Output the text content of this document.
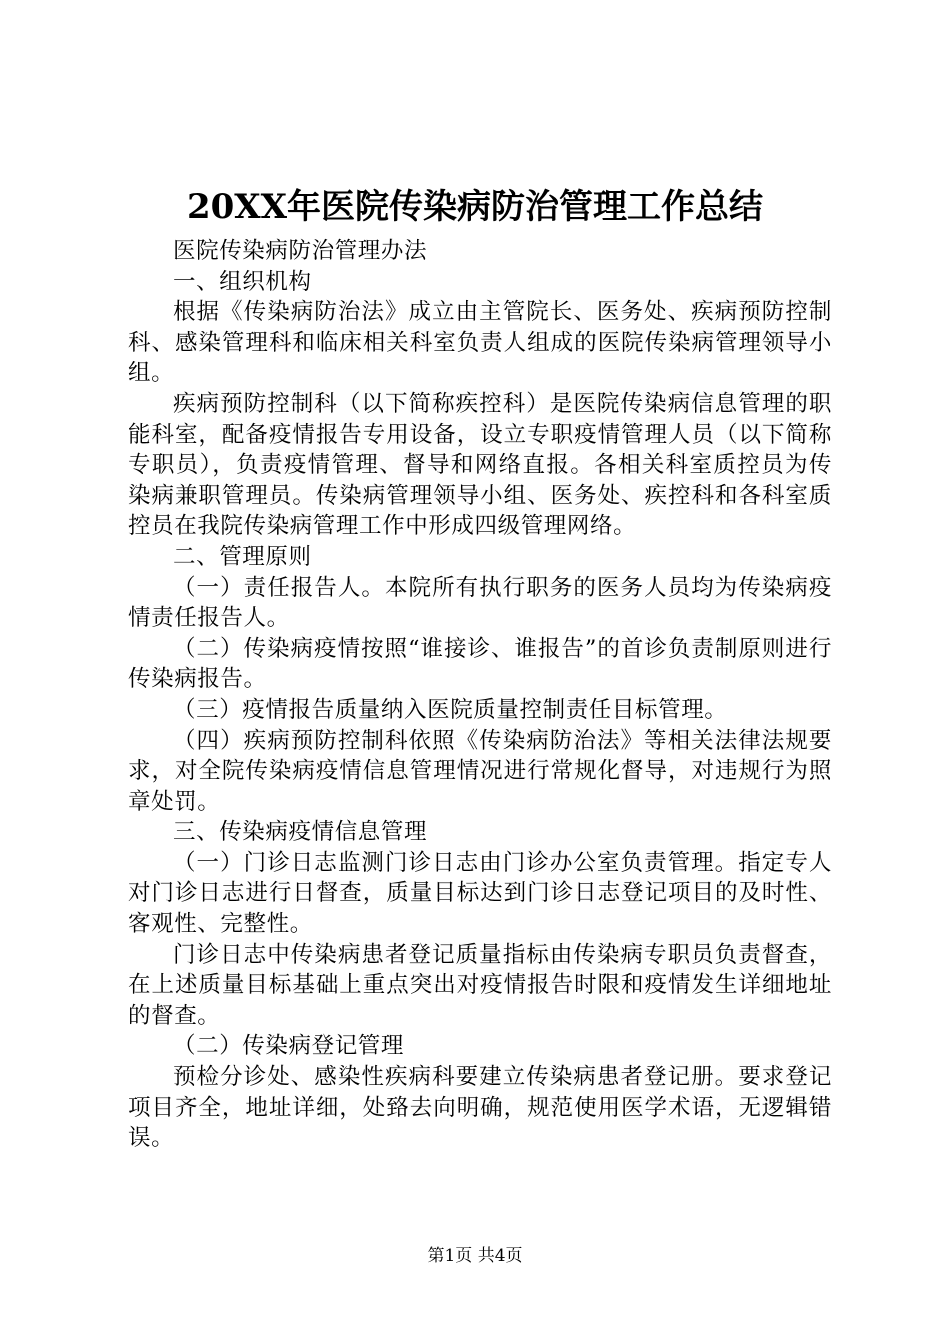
20XX年医院传染病防治管理工作总结

医院传染病防治管理办法

一、组织机构

根据《传染病防治法》成立由主管院长、医务处、疾病预防控制科、感染管理科和临床相关科室负责人组成的医院传染病管理领导小组。

疾病预防控制科（以下简称疾控科）是医院传染病信息管理的职能科室，配备疫情报告专用设备，设立专职疫情管理人员（以下简称专职员），负责疫情管理、督导和网络直报。各相关科室质控员为传染病兼职管理员。传染病管理领导小组、医务处、疾控科和各科室质控员在我院传染病管理工作中形成四级管理网络。

二、管理原则

（一）责任报告人。本院所有执行职务的医务人员均为传染病疫情责任报告人。

（二）传染病疫情按照“谁接诊、谁报告”的首诊负责制原则进行传染病报告。

（三）疫情报告质量纳入医院质量控制责任目标管理。

（四）疾病预防控制科依照《传染病防治法》等相关法律法规要求，对全院传染病疫情信息管理情况进行常规化督导，对违规行为照章处罚。

三、传染病疫情信息管理

（一）门诊日志监测门诊日志由门诊办公室负责管理。指定专人对门诊日志进行日督查，质量目标达到门诊日志登记项目的及时性、客观性、完整性。

门诊日志中传染病患者登记质量指标由传染病专职员负责督查，在上述质量目标基础上重点突出对疫情报告时限和疫情发生详细地址的督查。

（二）传染病登记管理

预检分诊处、感染性疾病科要建立传染病患者登记册。要求登记项目齐全，地址详细，处臵去向明确，规范使用医学术语，无逻辑错误。

第1页 共4页
